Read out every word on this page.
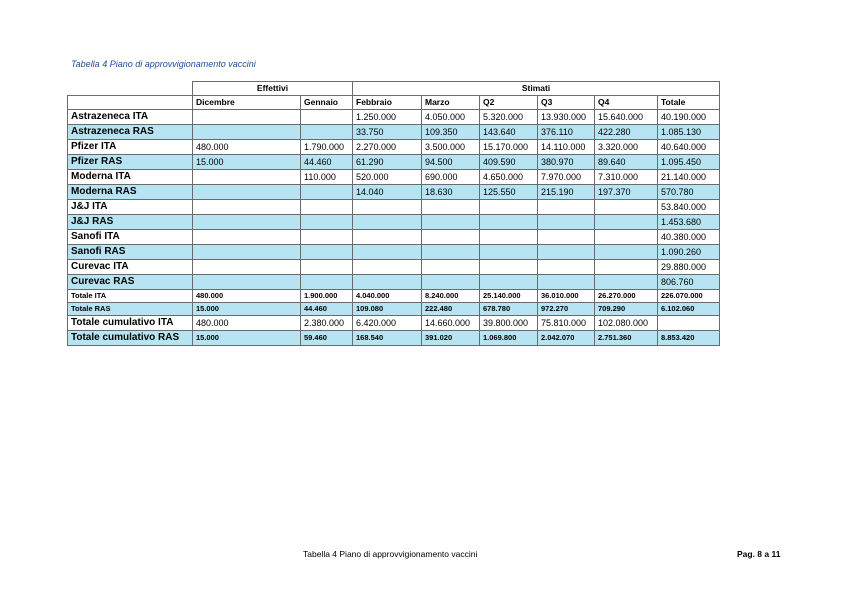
Tabella 4 Piano di approvvigionamento vaccini
	Effettivi		Stimati					
	Dicembre	Gennaio	Febbraio	Marzo	Q2	Q3	Q4	Totale
Astrazeneca ITA			1.250.000	4.050.000	5.320.000	13.930.000	15.640.000	40.190.000
Astrazeneca RAS			33.750	109.350	143.640	376.110	422.280	1.085.130
Pfizer ITA	480.000	1.790.000	2.270.000	3.500.000	15.170.000	14.110.000	3.320.000	40.640.000
Pfizer RAS	15.000	44.460	61.290	94.500	409.590	380.970	89.640	1.095.450
Moderna ITA		110.000	520.000	690.000	4.650.000	7.970.000	7.310.000	21.140.000
Moderna RAS			14.040	18.630	125.550	215.190	197.370	570.780
J&J ITA								53.840.000
J&J RAS								1.453.680
Sanofi ITA								40.380.000
Sanofi RAS								1.090.260
Curevac ITA								29.880.000
Curevac RAS								806.760
Totale ITA	480.000	1.900.000	4.040.000	8.240.000	25.140.000	36.010.000	26.270.000	226.070.000
Totale RAS	15.000	44.460	109.080	222.480	678.780	972.270	709.290	6.102.060
Totale cumulativo ITA	480.000	2.380.000	6.420.000	14.660.000	39.800.000	75.810.000	102.080.000	
Totale cumulativo RAS	15.000	59.460	168.540	391.020	1.069.800	2.042.070	2.751.360	8.853.420
Tabella 4 Piano di approvvigionamento vaccini	Pag. 8 a 11
